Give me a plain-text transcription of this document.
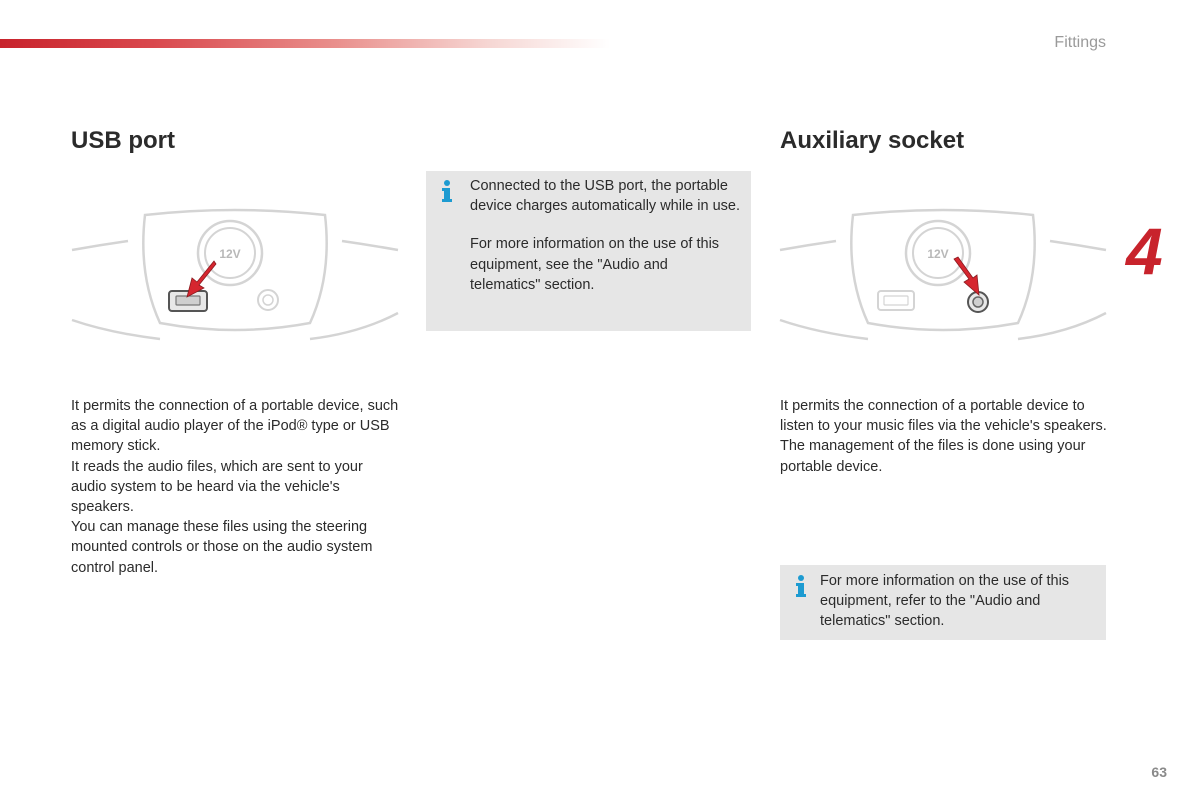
Fittings
4
USB port
12V

It permits the connection of a portable device, such as a digital audio player of the iPod® type or USB memory stick.

It reads the audio files, which are sent to your audio system to be heard via the vehicle's speakers.

You can manage these files using the steering mounted controls or those on the audio system control panel.

Connected to the USB port, the portable device charges automatically while in use.

For more information on the use of this equipment, see the "Audio and telematics" section.

Auxiliary socket
12V

It permits the connection of a portable device to listen to your music files via the vehicle's speakers.

The management of the files is done using your portable device.

For more information on the use of this equipment, refer to the "Audio and telematics" section.
63
